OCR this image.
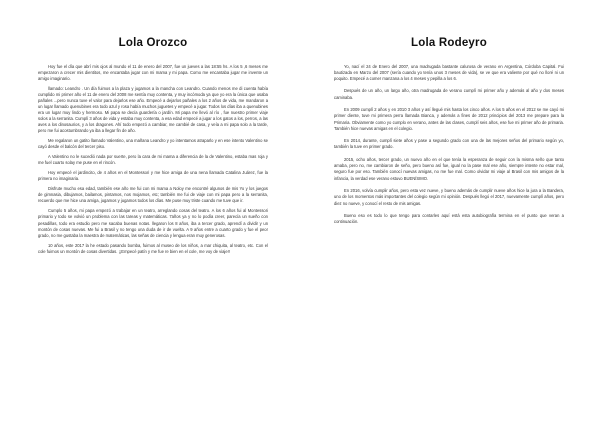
Lola Orozco

Hoy fue el día que abrí mis ojos al mundo el 11 de enero del 2007, fue un jueves a las 18:55 hs. A los 5 ,6 meses me empezaron a crecer mis dientitos, me encantaba jugar con mi mama y mi papa. Como me encantaba jugar me invente un amigo imaginario.

llamado: Leandro . Un día fuimos a la plaza y jugamos a la mancha con Leandro. Cuando menos me di cuenta había cumplido mi primer año el 11 de enero del 2008 me sentía muy contenta, y muy incómoda ya que yo era la única que usaba pañales ...pero nunca tuve el valor para dejarlos ese año. Empecé a dejarlos pañales a los 2 años de vida, me mandaron a un lugar llamado quenubines era todo azul y rosa había muchos juguetes y empecé a jugar. Todos los días iba a quenubines era un lugar muy lindo y hermoso. Mi papa se decía guardería o jardín. Mi papa me llevó al río , fue nuestro primer viaje solos a la serranita. Cumplí 3 años de vida y estaba muy contenta, a esa edad empecé a jugar a los gatos a los, perros, a las aves a los dinosaurios, y a los dragones. Ahí todo empezó a cambiar, me cambié de casa, y veía a mi papa solo a la tarde, pero me fui acostumbrando ya iba a llegar fin de año.

Me regalaron un gatito llamado Valentino, una mañana Leandro y yo intentamos atraparlo y en ese intento Valentino se cayó desde el balcón del tercer piso.

A Valentino no le sucedió nada por suerte, pero la cara de mi mama a diferencia de la de Valentino, estaba mas roja y me fuel cuarto solay me puse en el rincón.

Hoy empecé el jardincito, de 4 años en el Montessori y me hice amiga de una nena llamada Catalina Juárez, fue la primera no imaginaria.

Disfrute mucho esa edad, también ese año me fui con mi mama a Noloy me encontré algunos de mis Yo y los juegos de gimnasia, dibujamos, bailamos, pintamos, nos mojamos, etc; también me fui de viaje con mi papa pero a la serranita, recuerdo que me hice una amiga, jugamos y jugamos todos los días. Me puse muy triste cuando me tuve que ir.

Cumplo 5 años, mi papa empezó a trabajar en un teatro, arreglando cosas del teatro. A los 6 años fui al Montessori primario y todo se volvió un problema con las tareas y matemáticas. 7años ya y no lo podía creer, parecía un sueño con pesadillas, todo era estudio pero me sacaba buenas notas. llegaron los 8 años, iba a tercer grado, aprendí a dividir y un montón de cosas nuevas. Me fui a Brasil y no tengo una duda de ir de vuelta. A 9 años entre a cuarto grado y fue el peor grado, no me gustaba la maestra de matemáticas, las señas de ciencia y lengua eran muy generosas.

10 años, este 2017 la he estado pasando bomba, fuimos al museo de los niños, a mar chiquita, al teatro, etc. Con el cole fuimos un montón de cosas divertidas. ¡¡Empecé patín y me fue re bien en el cole, me voy de viaje!!

Lola Rodeyro

Yo, nací el 24 de Enero del 2007, una madrugada bastante calurosa de verano en Argentina, Córdoba Capital. Fui bautizada en Marzo del 2007 (sería cuando yo tenía unos 3 meses de vida), se ve que era valiente por qué no lloré ni un poquito. Empecé a comer manzana a los 4 meses y pepilla a los 6.

Después de un año, un largo año, otra madrugada de verano cumplí mi primer año y además al año y dos meses caminaba.

En 2009 cumplí 2 años y en 2010 3 años y así llegué mis hasta los cinco años. A los 5 años en el 2012 se me cayó mi primer diente, tuve mi primera perra llamada Bianca, y además a fines de 2012 principios del 2013 me prepare para la Primaria. Obviamente como yo cumplo en verano, antes de las clases, cumplí seis años, ese fue mi primer año de primaria. También hice nuevas amigas en el colegio.

En 2014, durante, cumplí siete años y pase a segundo grado con una de las mejores seños del primario según yo, también la tuve en primer grado.

2015, ocho años, tercer grado, un nuevo año en el que tenía la esperanza de seguir con la misma seño que tanto amaba, pero no, me cambiaron de seño, pero bueno así fue, igual no la pase mal ese año, siempre intente no estar mal, seguro fue por eso. También conocí nuevas amigas, no me fue mal. Como olvidar mi viaje al Brasil con mis amigos de la infancia, la verdad ese verano estuvo BUENÍSIMO.

En 2016, volvía cumplir años, pero esta vez nueve, y bueno además de cumplir nueve años hice la jura a la Bandera, uno de los momentos más importantes del colegio según mi opinión. Después llegó el 2017, nuevamente cumplí años, pero diez no nueve, y conocí el resto de mis amigas.

Bueno eso es todo lo que tengo para contarles aquí está esta autobiografía termina en el punto que veran a continuación.
